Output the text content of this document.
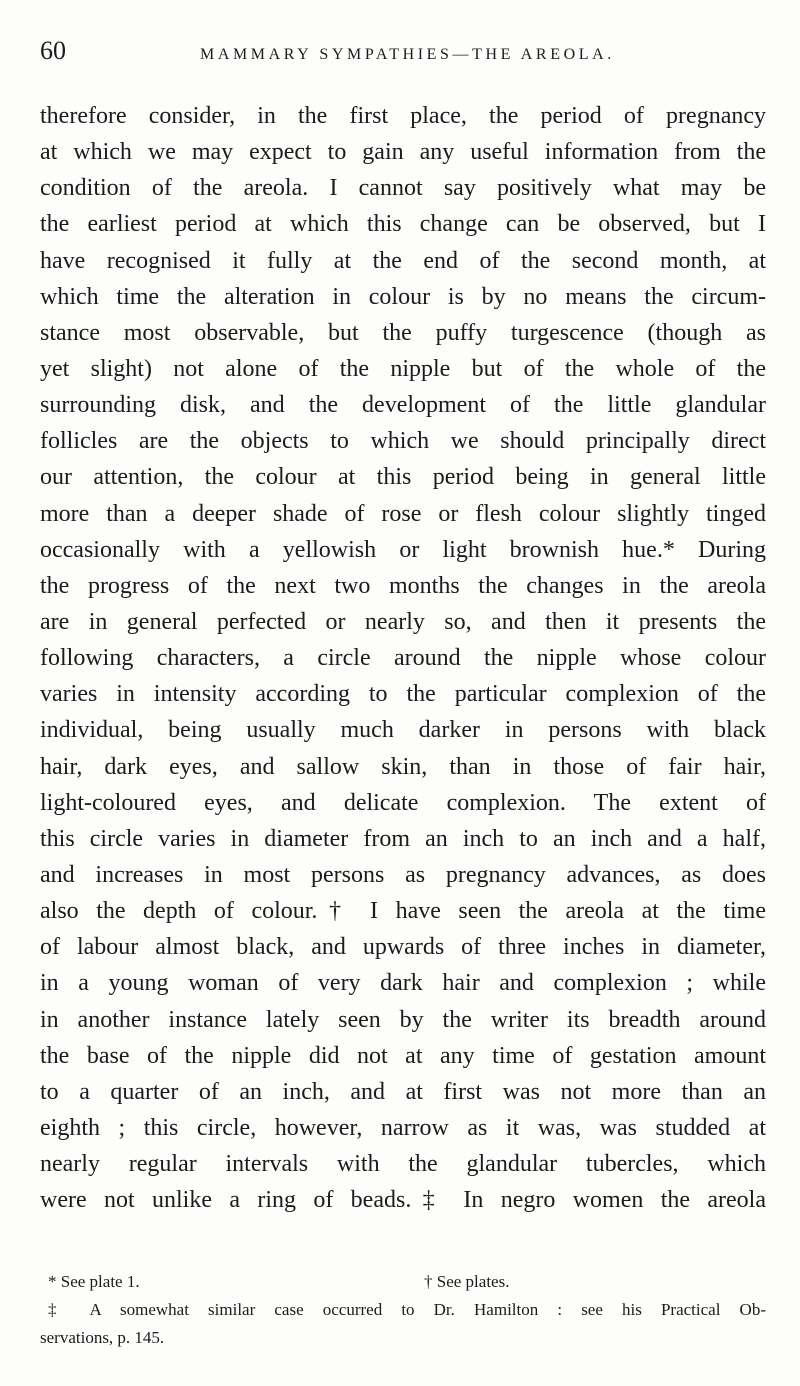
60	MAMMARY SYMPATHIES—THE AREOLA.
therefore consider, in the first place, the period of pregnancy
at which we may expect to gain any useful information from the
condition of the areola. I cannot say positively what may be
the earliest period at which this change can be observed, but I
have recognised it fully at the end of the second month, at
which time the alteration in colour is by no means the circum-
stance most observable, but the puffy turgescence (though as
yet slight) not alone of the nipple but of the whole of the
surrounding disk, and the development of the little glandular
follicles are the objects to which we should principally direct
our attention, the colour at this period being in general little
more than a deeper shade of rose or flesh colour slightly tinged
occasionally with a yellowish or light brownish hue.* During
the progress of the next two months the changes in the areola
are in general perfected or nearly so, and then it presents the
following characters, a circle around the nipple whose colour
varies in intensity according to the particular complexion of the
individual, being usually much darker in persons with black
hair, dark eyes, and sallow skin, than in those of fair hair,
light-coloured eyes, and delicate complexion. The extent of
this circle varies in diameter from an inch to an inch and a half,
and increases in most persons as pregnancy advances, as does
also the depth of colour.† I have seen the areola at the time
of labour almost black, and upwards of three inches in diameter,
in a young woman of very dark hair and complexion ; while
in another instance lately seen by the writer its breadth around
the base of the nipple did not at any time of gestation amount
to a quarter of an inch, and at first was not more than an
eighth ; this circle, however, narrow as it was, was studded at
nearly regular intervals with the glandular tubercles, which
were not unlike a ring of beads.‡ In negro women the areola
* See plate 1.	† See plates.
‡ A somewhat similar case occurred to Dr. Hamilton : see his Practical Ob-
servations, p. 145.
